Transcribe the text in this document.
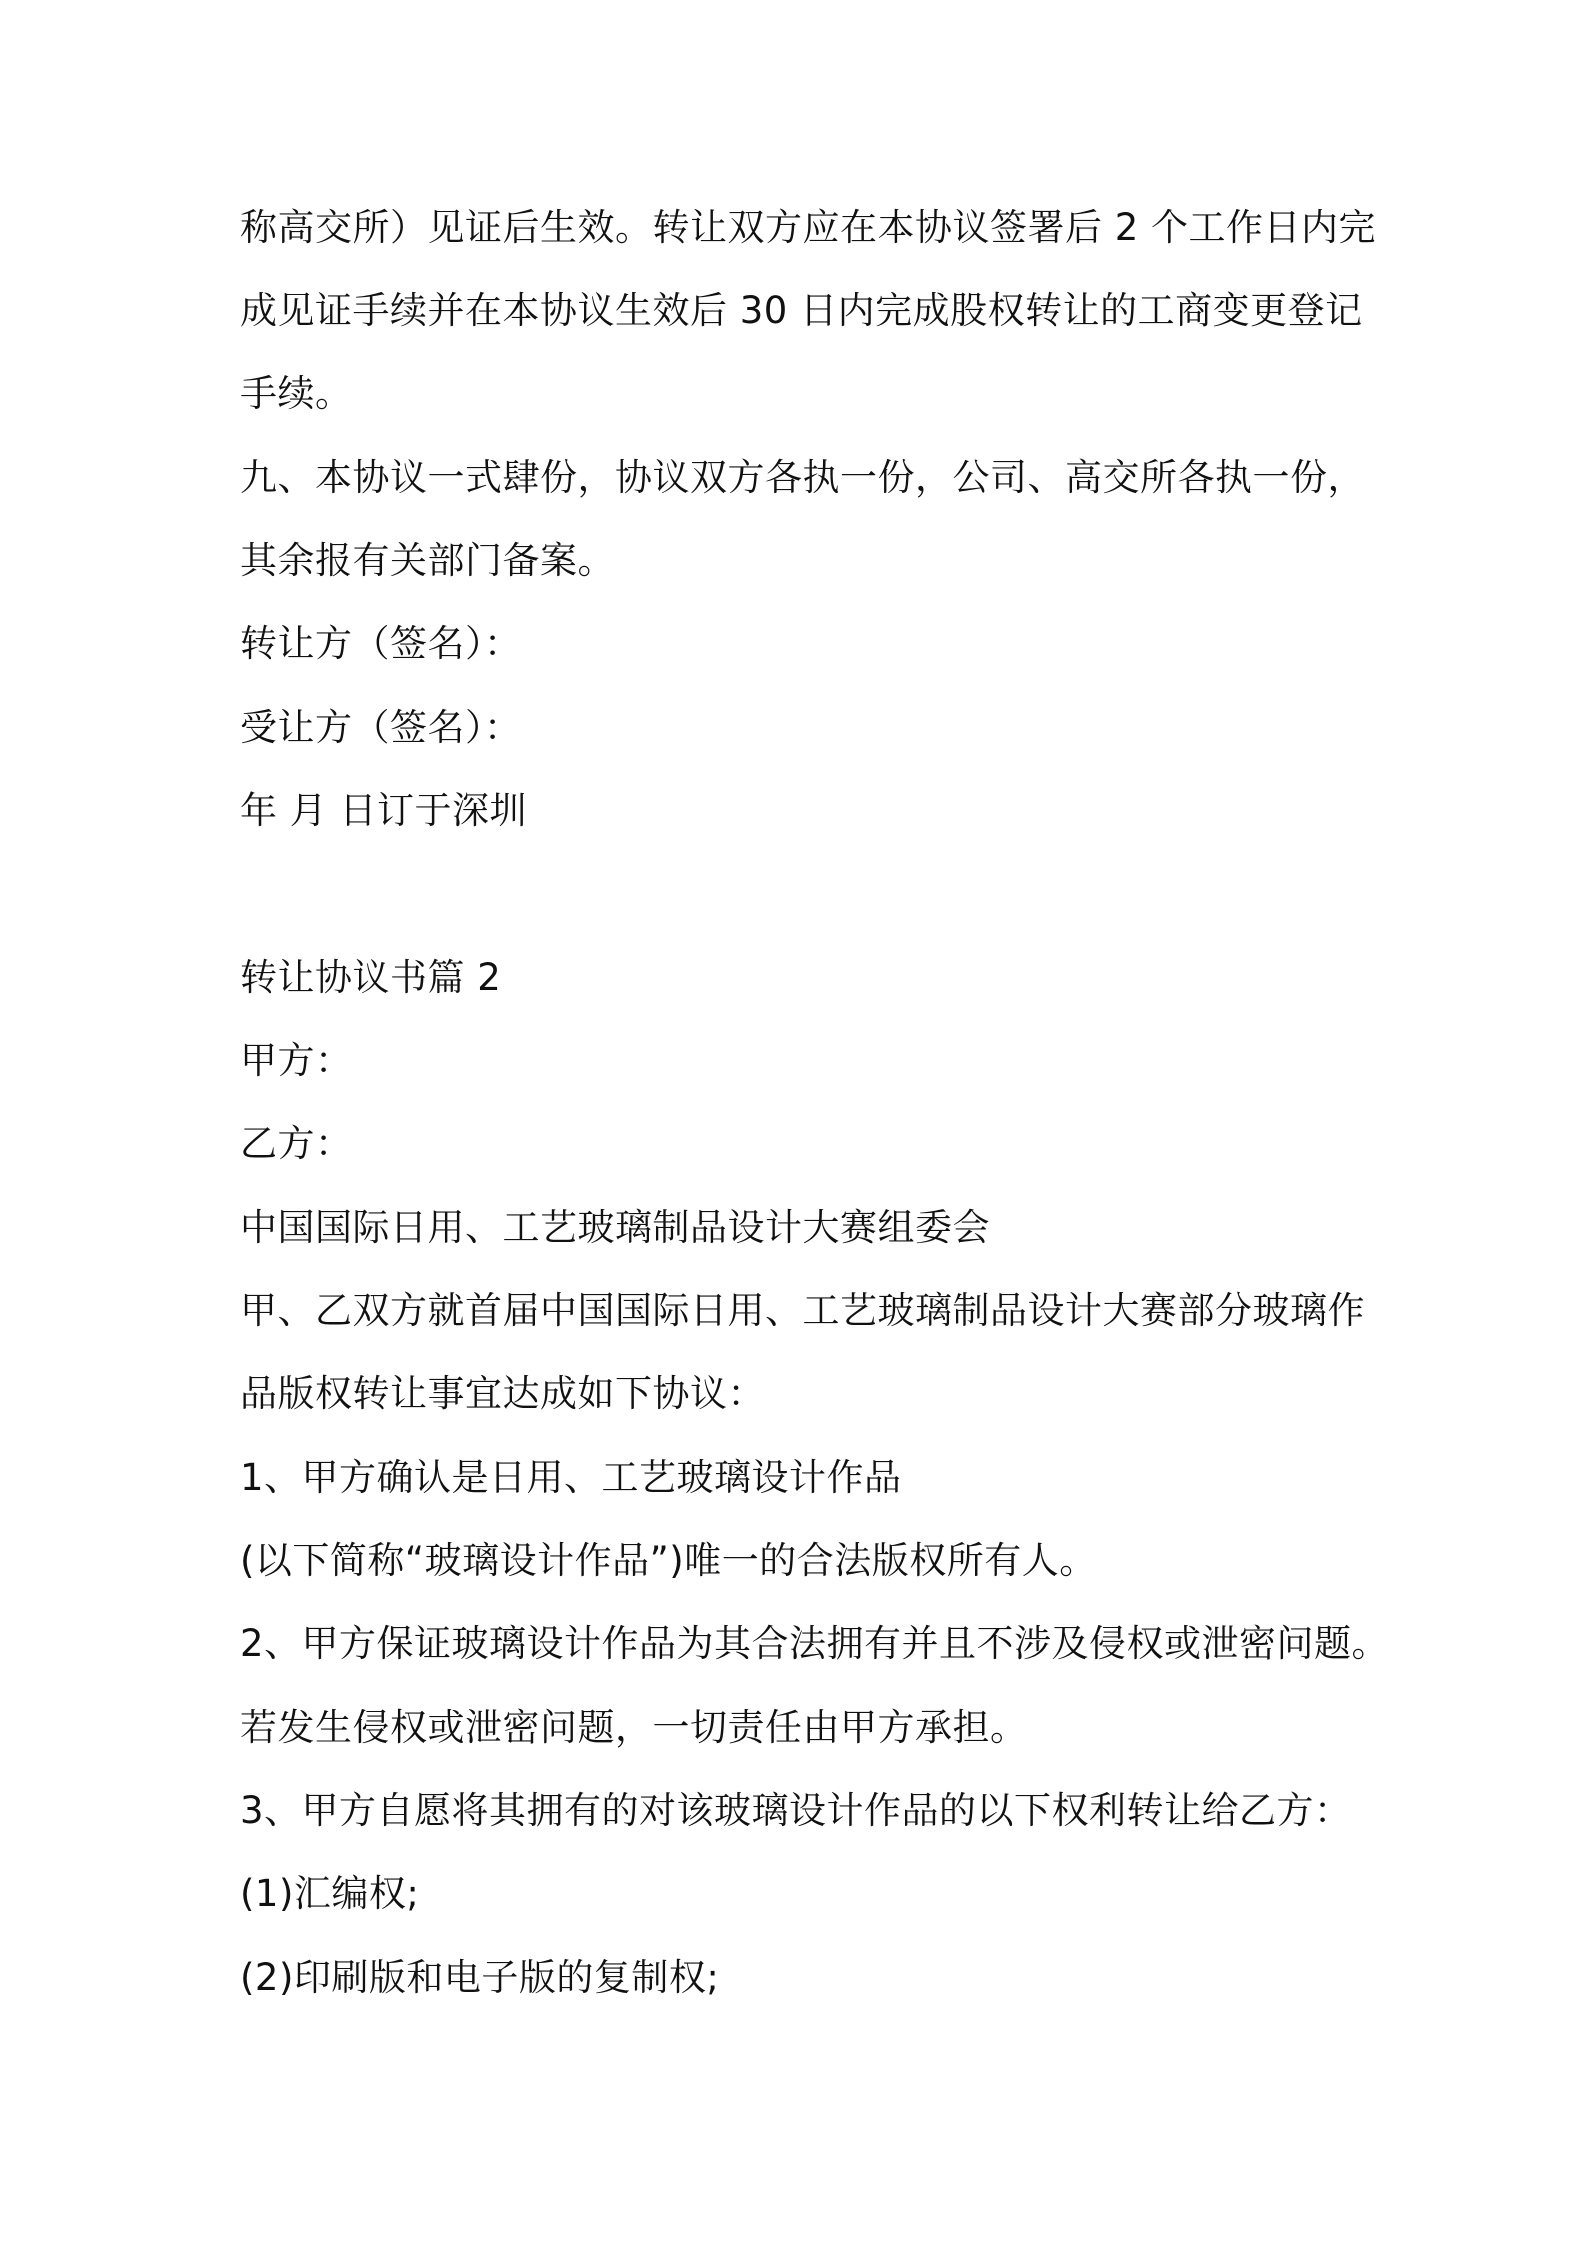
称高交所）见证后生效。转让双方应在本协议签署后 2 个工作日内完
成见证手续并在本协议生效后 30 日内完成股权转让的工商变更登记
手续。
九、本协议一式肆份，协议双方各执一份，公司、高交所各执一份，
其余报有关部门备案。
转让方（签名）：
受让方（签名）：
年 月 日订于深圳
转让协议书篇 2
甲方：
乙方：
中国国际日用、工艺玻璃制品设计大赛组委会
甲、乙双方就首届中国国际日用、工艺玻璃制品设计大赛部分玻璃作
品版权转让事宜达成如下协议：
1、甲方确认是日用、工艺玻璃设计作品
(以下简称“玻璃设计作品”)唯一的合法版权所有人。
2、甲方保证玻璃设计作品为其合法拥有并且不涉及侵权或泄密问题。
若发生侵权或泄密问题，一切责任由甲方承担。
3、甲方自愿将其拥有的对该玻璃设计作品的以下权利转让给乙方：
(1)汇编权;
(2)印刷版和电子版的复制权;
